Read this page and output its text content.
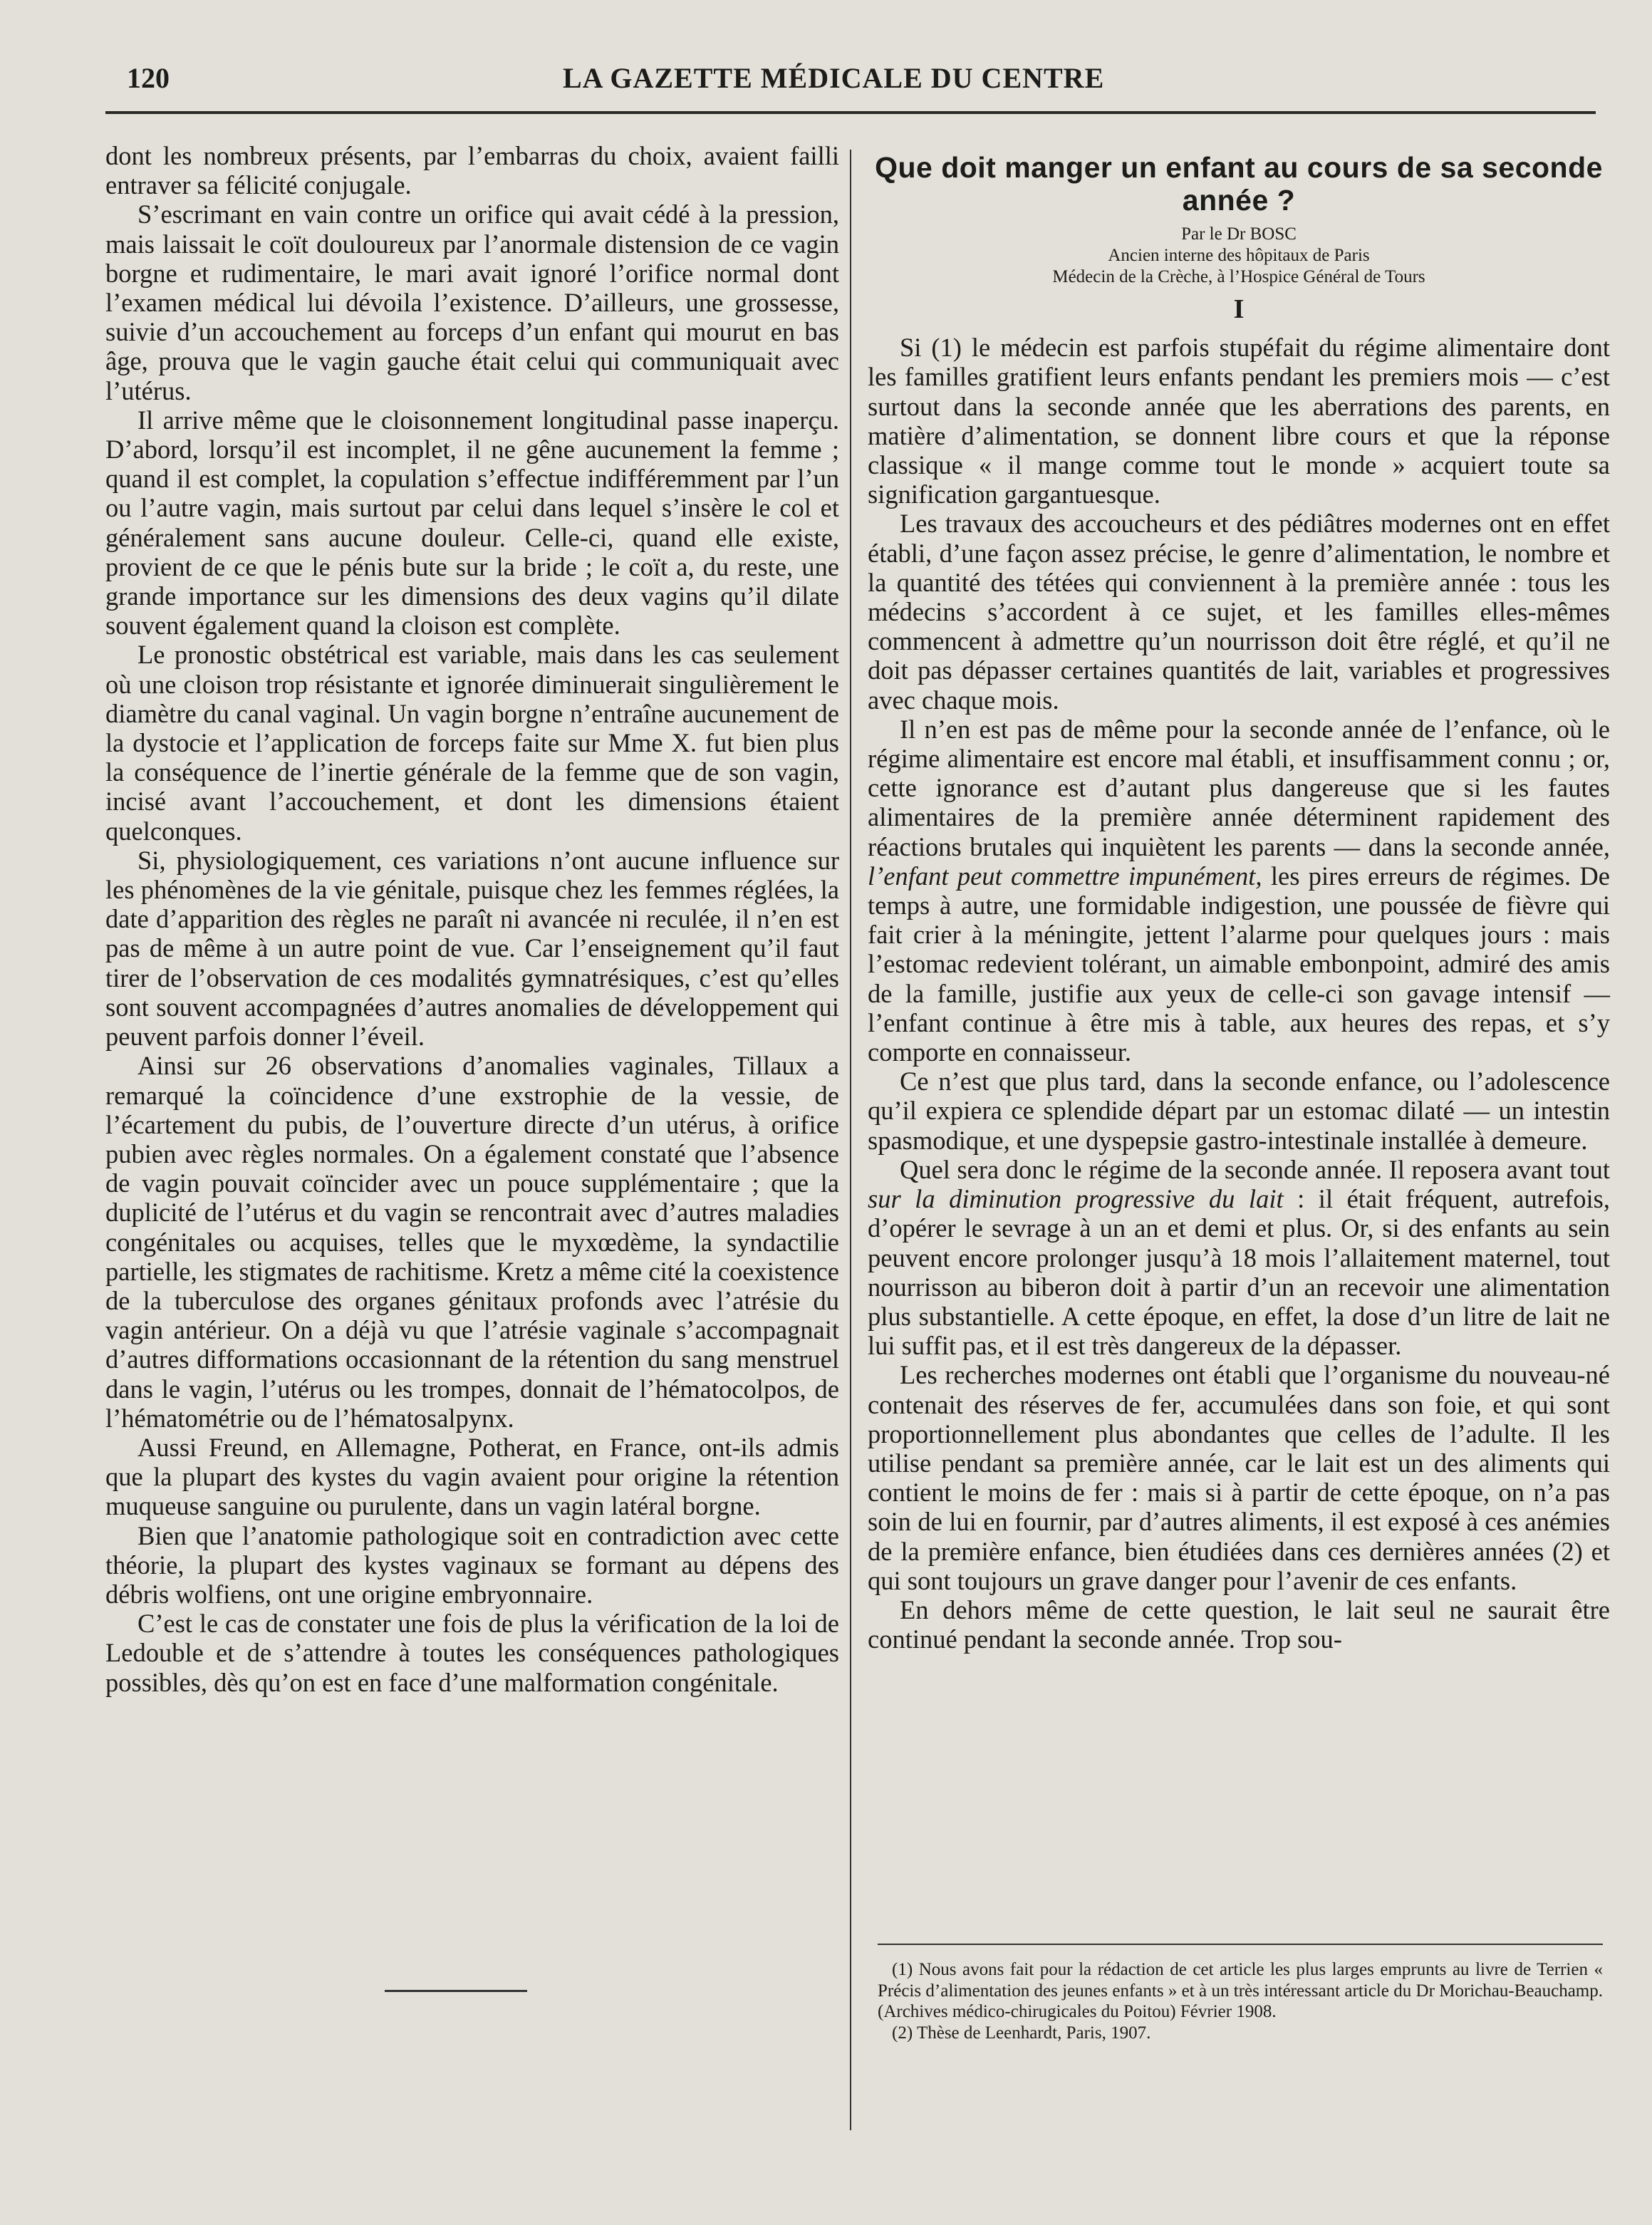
120	LA GAZETTE MÉDICALE DU CENTRE

dont les nombreux présents, par l’embarras du choix, avaient failli entraver sa félicité conjugale.

S’escrimant en vain contre un orifice qui avait cédé à la pression, mais laissait le coït douloureux par l’anormale distension de ce vagin borgne et rudimentaire, le mari avait ignoré l’orifice normal dont l’examen médical lui dévoila l’existence. D’ailleurs, une grossesse, suivie d’un accouchement au forceps d’un enfant qui mourut en bas âge, prouva que le vagin gauche était celui qui communiquait avec l’utérus.

Il arrive même que le cloisonnement longitudinal passe inaperçu. D’abord, lorsqu’il est incomplet, il ne gêne aucunement la femme ; quand il est complet, la copulation s’effectue indifféremment par l’un ou l’autre vagin, mais surtout par celui dans lequel s’insère le col et généralement sans aucune douleur. Celle-ci, quand elle existe, provient de ce que le pénis bute sur la bride ; le coït a, du reste, une grande importance sur les dimensions des deux vagins qu’il dilate souvent également quand la cloison est complète.

Le pronostic obstétrical est variable, mais dans les cas seulement où une cloison trop résistante et ignorée diminuerait singulièrement le diamètre du canal vaginal. Un vagin borgne n’entraîne aucunement de la dystocie et l’application de forceps faite sur Mme X. fut bien plus la conséquence de l’inertie générale de la femme que de son vagin, incisé avant l’accouchement, et dont les dimensions étaient quelconques.

Si, physiologiquement, ces variations n’ont aucune influence sur les phénomènes de la vie génitale, puisque chez les femmes réglées, la date d’apparition des règles ne paraît ni avancée ni reculée, il n’en est pas de même à un autre point de vue. Car l’enseignement qu’il faut tirer de l’observation de ces modalités gymnatrésiques, c’est qu’elles sont souvent accompagnées d’autres anomalies de développement qui peuvent parfois donner l’éveil.

Ainsi sur 26 observations d’anomalies vaginales, Tillaux a remarqué la coïncidence d’une exstrophie de la vessie, de l’écartement du pubis, de l’ouverture directe d’un utérus, à orifice pubien avec règles normales. On a également constaté que l’absence de vagin pouvait coïncider avec un pouce supplémentaire ; que la duplicité de l’utérus et du vagin se rencontrait avec d’autres maladies congénitales ou acquises, telles que le myxœdème, la syndactilie partielle, les stigmates de rachitisme. Kretz a même cité la coexistence de la tuberculose des organes génitaux profonds avec l’atrésie du vagin antérieur. On a déjà vu que l’atrésie vaginale s’accompagnait d’autres difformations occasionnant de la rétention du sang menstruel dans le vagin, l’utérus ou les trompes, donnait de l’hématocolpos, de l’hématométrie ou de l’hématosalpynx.

Aussi Freund, en Allemagne, Potherat, en France, ont-ils admis que la plupart des kystes du vagin avaient pour origine la rétention muqueuse sanguine ou purulente, dans un vagin latéral borgne.

Bien que l’anatomie pathologique soit en contradiction avec cette théorie, la plupart des kystes vaginaux se formant au dépens des débris wolfiens, ont une origine embryonnaire.

C’est le cas de constater une fois de plus la vérification de la loi de Ledouble et de s’attendre à toutes les conséquences pathologiques possibles, dès qu’on est en face d’une malformation congénitale.

Que doit manger un enfant au cours de sa seconde année ?
Par le Dr BOSC
Ancien interne des hôpitaux de Paris
Médecin de la Crèche, à l’Hospice Général de Tours
I

Si (1) le médecin est parfois stupéfait du régime alimentaire dont les familles gratifient leurs enfants pendant les premiers mois — c’est surtout dans la seconde année que les aberrations des parents, en matière d’alimentation, se donnent libre cours et que la réponse classique « il mange comme tout le monde » acquiert toute sa signification gargantuesque.

Les travaux des accoucheurs et des pédiâtres modernes ont en effet établi, d’une façon assez précise, le genre d’alimentation, le nombre et la quantité des tétées qui conviennent à la première année : tous les médecins s’accordent à ce sujet, et les familles elles-mêmes commencent à admettre qu’un nourrisson doit être réglé, et qu’il ne doit pas dépasser certaines quantités de lait, variables et progressives avec chaque mois.

Il n’en est pas de même pour la seconde année de l’enfance, où le régime alimentaire est encore mal établi, et insuffisamment connu ; or, cette ignorance est d’autant plus dangereuse que si les fautes alimentaires de la première année déterminent rapidement des réactions brutales qui inquiètent les parents — dans la seconde année, l’enfant peut commettre impunément, les pires erreurs de régimes. De temps à autre, une formidable indigestion, une poussée de fièvre qui fait crier à la méningite, jettent l’alarme pour quelques jours : mais l’estomac redevient tolérant, un aimable embonpoint, admiré des amis de la famille, justifie aux yeux de celle-ci son gavage intensif — l’enfant continue à être mis à table, aux heures des repas, et s’y comporte en connaisseur.

Ce n’est que plus tard, dans la seconde enfance, ou l’adolescence qu’il expiera ce splendide départ par un estomac dilaté — un intestin spasmodique, et une dyspepsie gastro-intestinale installée à demeure.

Quel sera donc le régime de la seconde année. Il reposera avant tout sur la diminution progressive du lait : il était fréquent, autrefois, d’opérer le sevrage à un an et demi et plus. Or, si des enfants au sein peuvent encore prolonger jusqu’à 18 mois l’allaitement maternel, tout nourrisson au biberon doit à partir d’un an recevoir une alimentation plus substantielle. A cette époque, en effet, la dose d’un litre de lait ne lui suffit pas, et il est très dangereux de la dépasser.

Les recherches modernes ont établi que l’organisme du nouveau-né contenait des réserves de fer, accumulées dans son foie, et qui sont proportionnellement plus abondantes que celles de l’adulte. Il les utilise pendant sa première année, car le lait est un des aliments qui contient le moins de fer : mais si à partir de cette époque, on n’a pas soin de lui en fournir, par d’autres aliments, il est exposé à ces anémies de la première enfance, bien étudiées dans ces dernières années (2) et qui sont toujours un grave danger pour l’avenir de ces enfants.

En dehors même de cette question, le lait seul ne saurait être continué pendant la seconde année. Trop sou-

(1) Nous avons fait pour la rédaction de cet article les plus larges emprunts au livre de Terrien « Précis d’alimentation des jeunes enfants » et à un très intéressant article du Dr Morichau-Beauchamp. (Archives médico-chirugicales du Poitou) Février 1908.

(2) Thèse de Leenhardt, Paris, 1907.
